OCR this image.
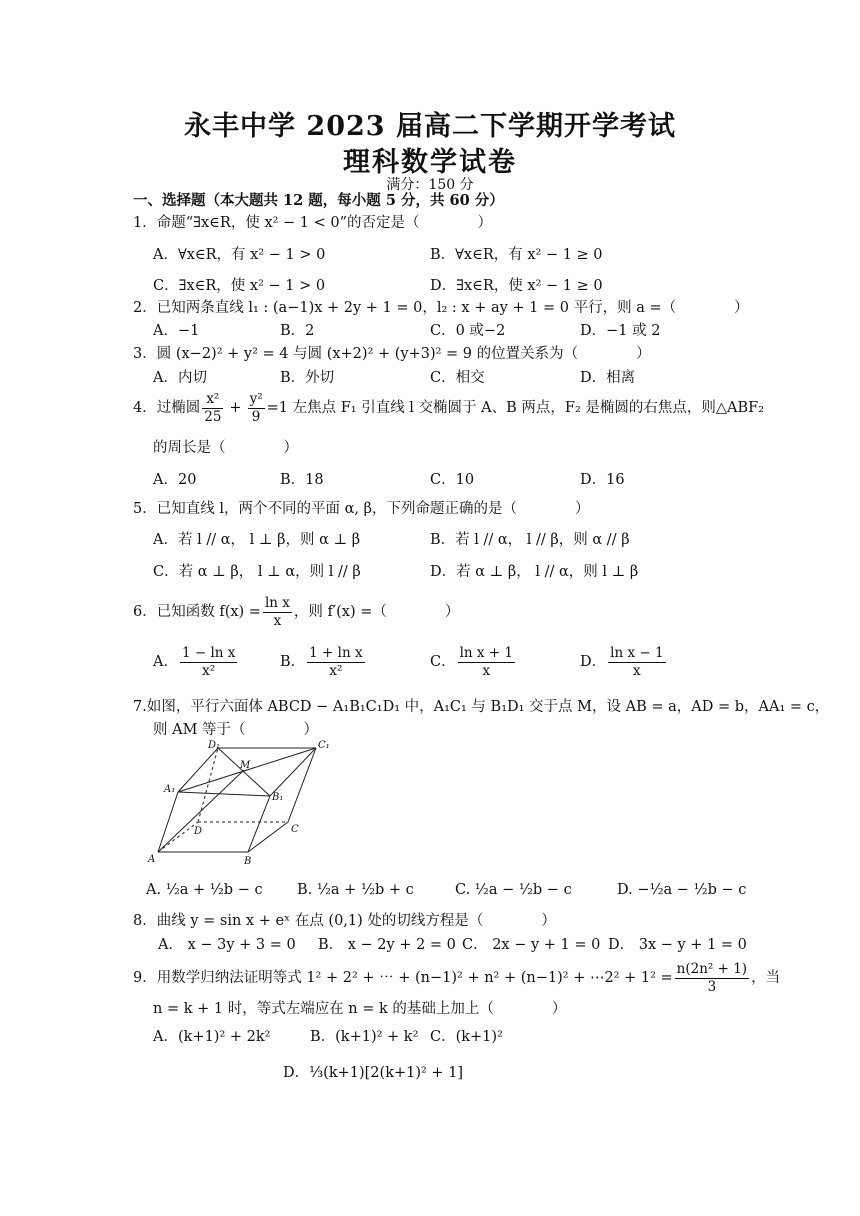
永丰中学 2023 届高二下学期开学考试
理科数学试卷
满分：150 分
一、选择题（本大题共 12 题，每小题 5 分，共 60 分）
1．命题“∃x∈R，使 x² − 1 < 0”的否定是（　　　　）
A．∀x∈R，有 x² − 1 > 0	B．∀x∈R，有 x² − 1 ≥ 0
C．∃x∈R，使 x² − 1 > 0	D．∃x∈R，使 x² − 1 ≥ 0
2．已知两条直线 l₁ : (a−1)x + 2y + 1 = 0，l₂ : x + ay + 1 = 0 平行，则 a =（　　　　）
A．−1	B．2	C．0 或−2	D．−1 或 2
3．圆 (x−2)² + y² = 4 与圆 (x+2)² + (y+3)² = 9 的位置关系为（　　　　）
A．内切	B．外切	C．相交	D．相离
4．过椭圆 $\frac{\text{x²}}{25} + \frac{\text{y²}}{9} =1$ 左焦点 F₁ 引直线 l 交椭圆于 A、B 两点，F₂ 是椭圆的右焦点，则△ABF₂
的周长是（　　　　）
A．20	B．18	C．10	D．16
5．已知直线 l，两个不同的平面 α, β，下列命题正确的是（　　　　）
A．若 l // α， l ⊥ β，则 α ⊥ β	B．若 l // α， l // β，则 α // β
C．若 α ⊥ β， l ⊥ α，则 l // β	D．若 α ⊥ β， l // α，则 l ⊥ β
6．已知函数 $f(x) = \frac{\text{ln x}}{x}$ ，则 f′(x) =（　　　　）
A． $\frac{\text{1 − ln x}}{\text{x²}}$	B． $\frac{\text{1 + ln x}}{\text{x²}}$	C． $\frac{\text{ln x + 1}}{x}$	D． $\frac{\text{ln x − 1}}{x}$
7.如图，平行六面体 ABCD − A₁B₁C₁D₁ 中，A₁C₁ 与 B₁D₁ 交于点 M，设 AB = a，AD = b，AA₁ = c，
则 AM 等于（　　　　）
D₁
M
C₁
A₁
B₁
D	C
A	B
A. ½a + ½b − c B. ½a + ½b + c	C. ½a − ½b − c	D. −½a − ½b − c
8．曲线 y = sin x + eˣ 在点 (0,1) 处的切线方程是（　　　　）
A． x − 3y + 3 = 0 B． x − 2y + 2 = 0 C． 2x − y + 1 = 0 D． 3x − y + 1 = 0
9．用数学归纳法证明等式 1² + 2² + ⋯ + (n−1)² + n² + (n−1)² + ⋯2² + $1^2 = \frac{\text{n(2n² + 1)}}{3}$ ，当
n = k + 1 时，等式左端应在 n = k 的基础上加上（　　　　）
A．(k+1)² + 2k²	B．(k+1)² + k² C．(k+1)²
D．⅓(k+1)[2(k+1)² + 1]
